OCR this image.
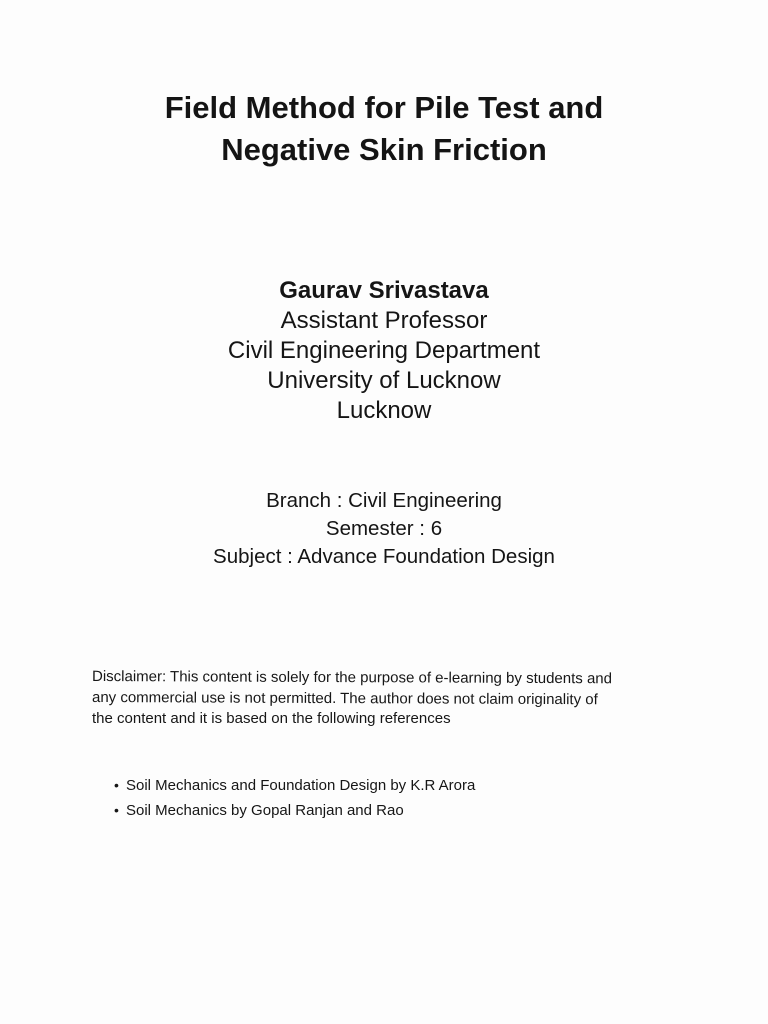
Field Method for Pile Test and
Negative Skin Friction
Gaurav Srivastava
Assistant Professor
Civil Engineering Department
University of Lucknow
Lucknow
Branch : Civil Engineering
Semester : 6
Subject : Advance Foundation Design
Disclaimer: This content is solely for the purpose of e-learning by students and
any commercial use is not permitted. The author does not claim originality of
the content and it is based on the following references
• Soil Mechanics and Foundation Design by K.R Arora
• Soil Mechanics by Gopal Ranjan and Rao
